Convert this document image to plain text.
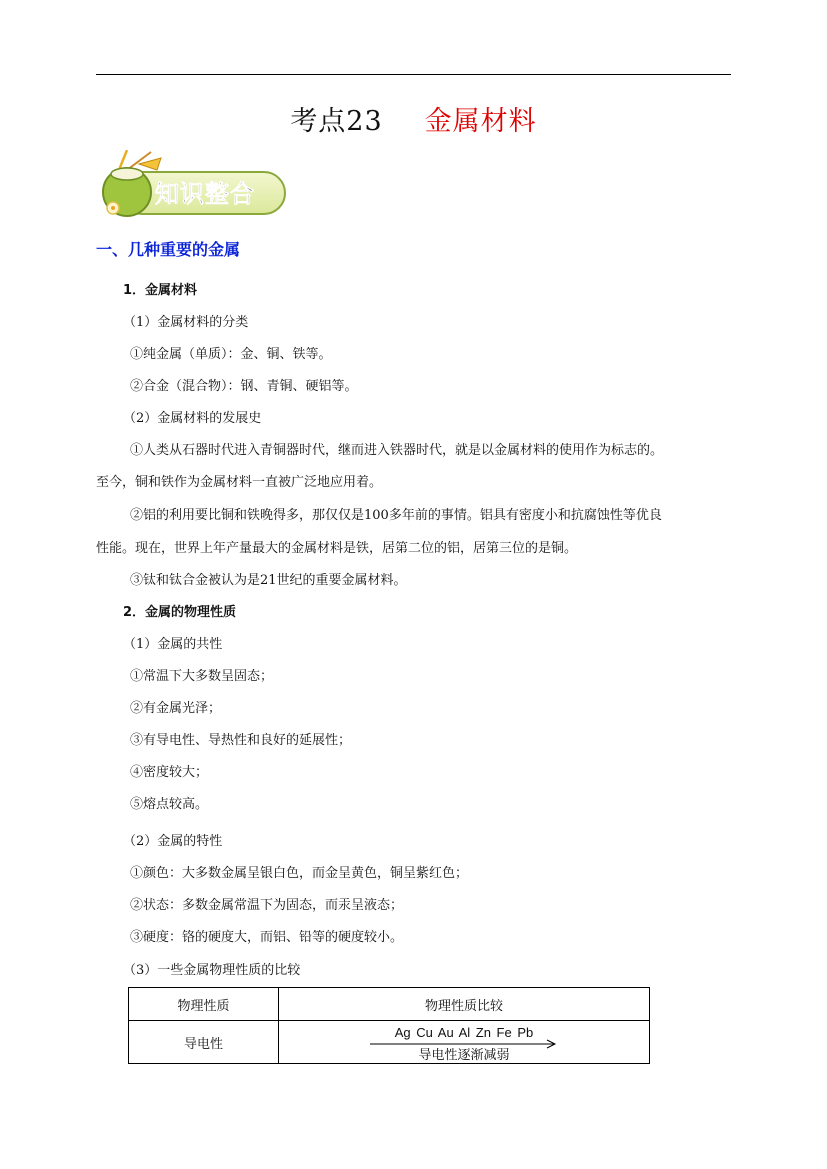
考点23 金属材料
知识整合
一、几种重要的金属
1．金属材料
（1）金属材料的分类
①纯金属（单质）：金、铜、铁等。
②合金（混合物）：钢、青铜、硬铝等。
（2）金属材料的发展史
①人类从石器时代进入青铜器时代，继而进入铁器时代，就是以金属材料的使用作为标志的。
至今，铜和铁作为金属材料一直被广泛地应用着。
②铝的利用要比铜和铁晚得多，那仅仅是100多年前的事情。铝具有密度小和抗腐蚀性等优良
性能。现在，世界上年产量最大的金属材料是铁，居第二位的铝，居第三位的是铜。
③钛和钛合金被认为是21世纪的重要金属材料。
2．金属的物理性质
（1）金属的共性
①常温下大多数呈固态；
②有金属光泽；
③有导电性、导热性和良好的延展性；
④密度较大；
⑤熔点较高。
（2）金属的特性
①颜色：大多数金属呈银白色，而金呈黄色，铜呈紫红色；
②状态：多数金属常温下为固态，而汞呈液态；
③硬度：铬的硬度大，而铝、铅等的硬度较小。
（3）一些金属物理性质的比较
物理性质	物理性质比较
导电性	Ag Cu Au Al Zn Fe Pb
导电性逐渐减弱
